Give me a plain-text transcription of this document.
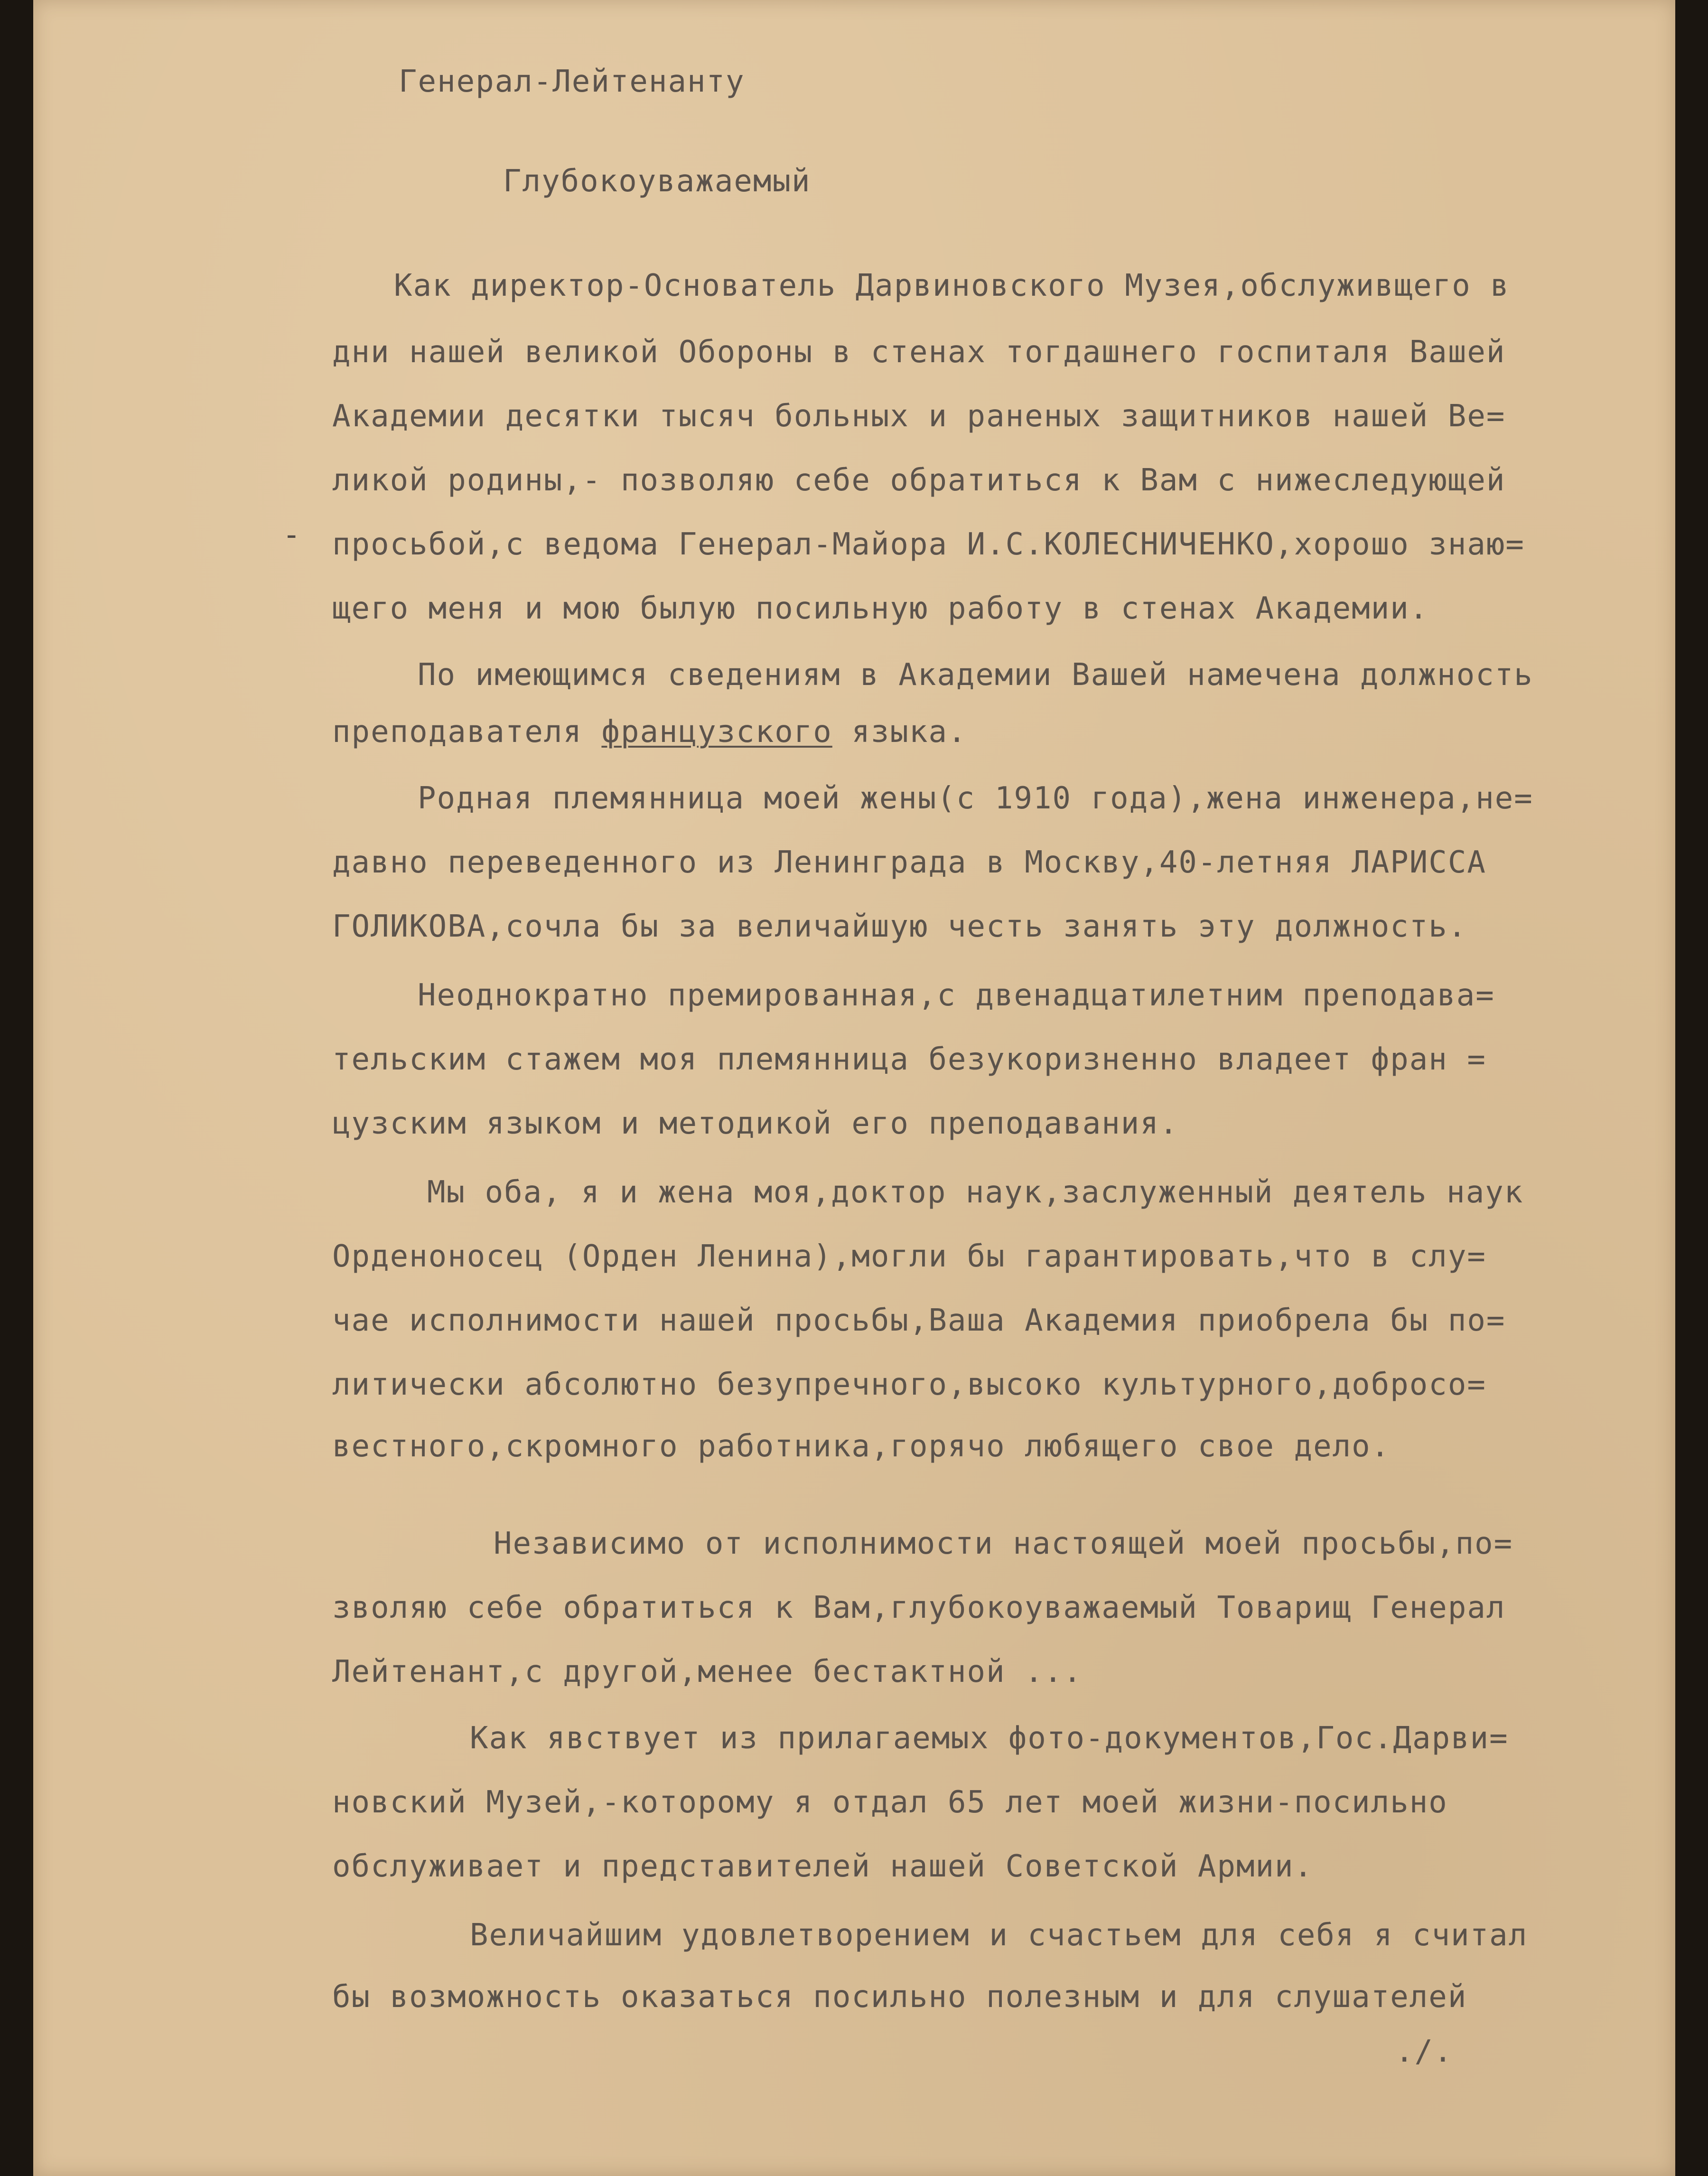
-
Генерал-Лейтенанту
Глубокоуважаемый
Как директор-Основатель Дарвиновского Музея,обслуживщего в
дни нашей великой Обороны в стенах тогдашнего госпиталя Вашей
Академии десятки тысяч больных и раненых защитников нашей Ве=
ликой родины,- позволяю себе обратиться к Вам с нижеследующей
просьбой,с ведома Генерал-Майора И.С.КОЛЕСНИЧЕНКО,хорошо знаю=
щего меня и мою былую посильную работу в стенах Академии.
По имеющимся сведениям в Академии Вашей намечена должность
преподавателя французского языка.
Родная племянница моей жены(с 1910 года),жена инженера,не=
давно переведенного из Ленинграда в Москву,40-летняя ЛАРИССА
ГОЛИКОВА,сочла бы за величайшую честь занять эту должность.
Неоднократно премированная,с двенадцатилетним преподава=
тельским стажем моя племянница безукоризненно владеет фран =
цузским языком и методикой его преподавания.
Мы оба, я и жена моя,доктор наук,заслуженный деятель наук
Орденоносец (Орден Ленина),могли бы гарантировать,что в слу=
чае исполнимости нашей просьбы,Ваша Академия приобрела бы по=
литически абсолютно безупречного,высоко культурного,добросо=
вестного,скромного работника,горячо любящего свое дело.
Независимо от исполнимости настоящей моей просьбы,по=
зволяю себе обратиться к Вам,глубокоуважаемый Товарищ Генерал
Лейтенант,с другой,менее бестактной ...
Как явствует из прилагаемых фото-документов,Гос.Дарви=
новский Музей,-которому я отдал 65 лет моей жизни-посильно
обслуживает и представителей нашей Советской Армии.
Величайшим удовлетворением и счастьем для себя я считал
бы возможность оказаться посильно полезным и для слушателей
./.
